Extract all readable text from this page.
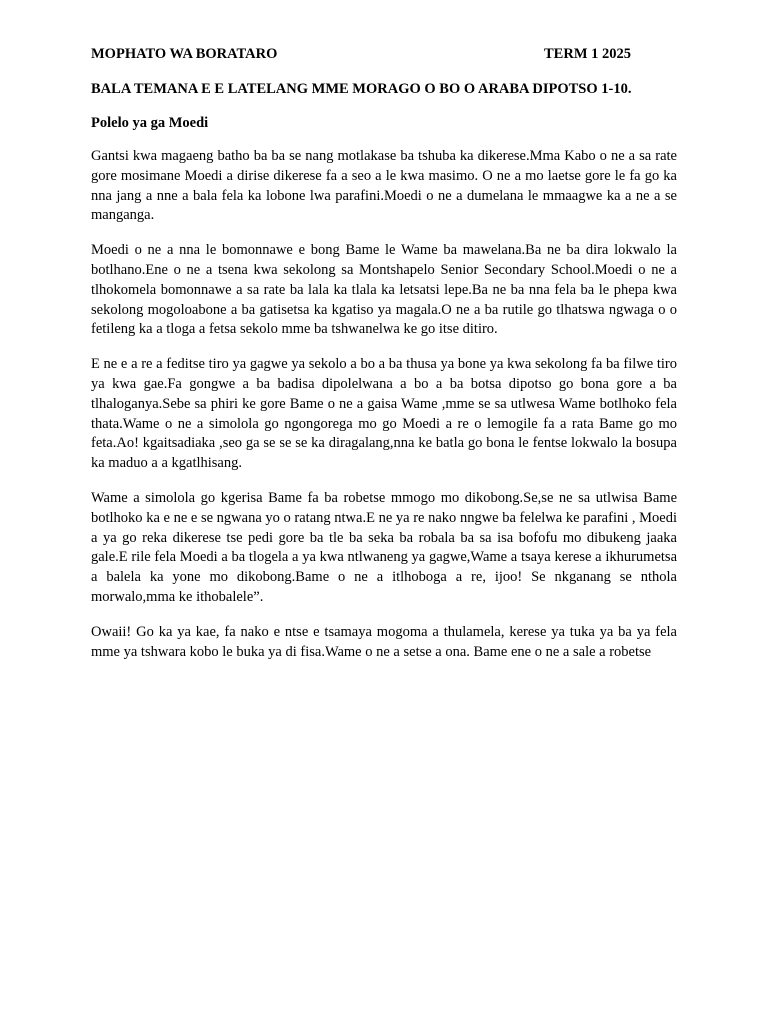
MOPHATO WA BORATARO	TERM 1 2025

BALA TEMANA E E LATELANG MME MORAGO O BO O ARABA DIPOTSO 1-10.

Polelo ya ga Moedi

Gantsi kwa magaeng batho ba ba se nang motlakase ba tshuba ka dikerese.Mma Kabo o ne a sa rate gore mosimane Moedi a dirise dikerese fa a seo a le kwa masimo. O ne a mo laetse gore le fa go ka nna jang a nne a bala fela ka lobone lwa parafini.Moedi o ne a dumelana le mmaagwe ka a ne a se manganga.

Moedi o ne a nna le bomonnawe e bong Bame le Wame ba mawelana.Ba ne ba dira lokwalo la botlhano.Ene o ne a tsena kwa sekolong sa Montshapelo Senior Secondary School.Moedi o ne a tlhokomela bomonnawe a sa rate ba lala ka tlala ka letsatsi lepe.Ba ne ba nna fela ba le phepa kwa sekolong mogoloabone a ba gatisetsa ka kgatiso ya magala.O ne a ba rutile go tlhatswa ngwaga o o fetileng ka a tloga a fetsa sekolo mme ba tshwanelwa ke go itse ditiro.

E ne e a re a feditse tiro ya gagwe ya sekolo a bo a ba thusa ya bone ya kwa sekolong fa ba filwe tiro ya kwa gae.Fa gongwe a ba badisa dipolelwana a bo a ba botsa dipotso go bona gore a ba tlhaloganya.Sebe sa phiri ke gore Bame o ne a gaisa Wame ,mme se sa utlwesa Wame botlhoko fela thata.Wame o ne a simolola go ngongorega mo go Moedi a re o lemogile fa a rata Bame go mo feta.Ao! kgaitsadiaka ,seo ga se se se ka diragalang,nna ke batla go bona le fentse lokwalo la bosupa ka maduo a a kgatlhisang.

Wame a simolola go kgerisa Bame fa ba robetse mmogo mo dikobong.Se,se ne sa utlwisa Bame botlhoko ka e ne e se ngwana yo o ratang ntwa.E ne ya re nako nngwe ba felelwa ke parafini , Moedi a ya go reka dikerese tse pedi gore ba tle ba seka ba robala ba sa isa bofofu mo dibukeng jaaka gale.E rile fela Moedi a ba tlogela a ya kwa ntlwaneng ya gagwe,Wame a tsaya kerese a ikhurumetsa a balela ka yone mo dikobong.Bame o ne a itlhoboga a re, ijoo! Se nkganang se nthola morwalo,mma ke ithobalele”.

Owaii! Go ka ya kae, fa nako e ntse e tsamaya mogoma a thulamela, kerese ya tuka ya ba ya fela mme ya tshwara kobo le buka ya di fisa.Wame o ne a setse a ona. Bame ene o ne a sale a robetse
